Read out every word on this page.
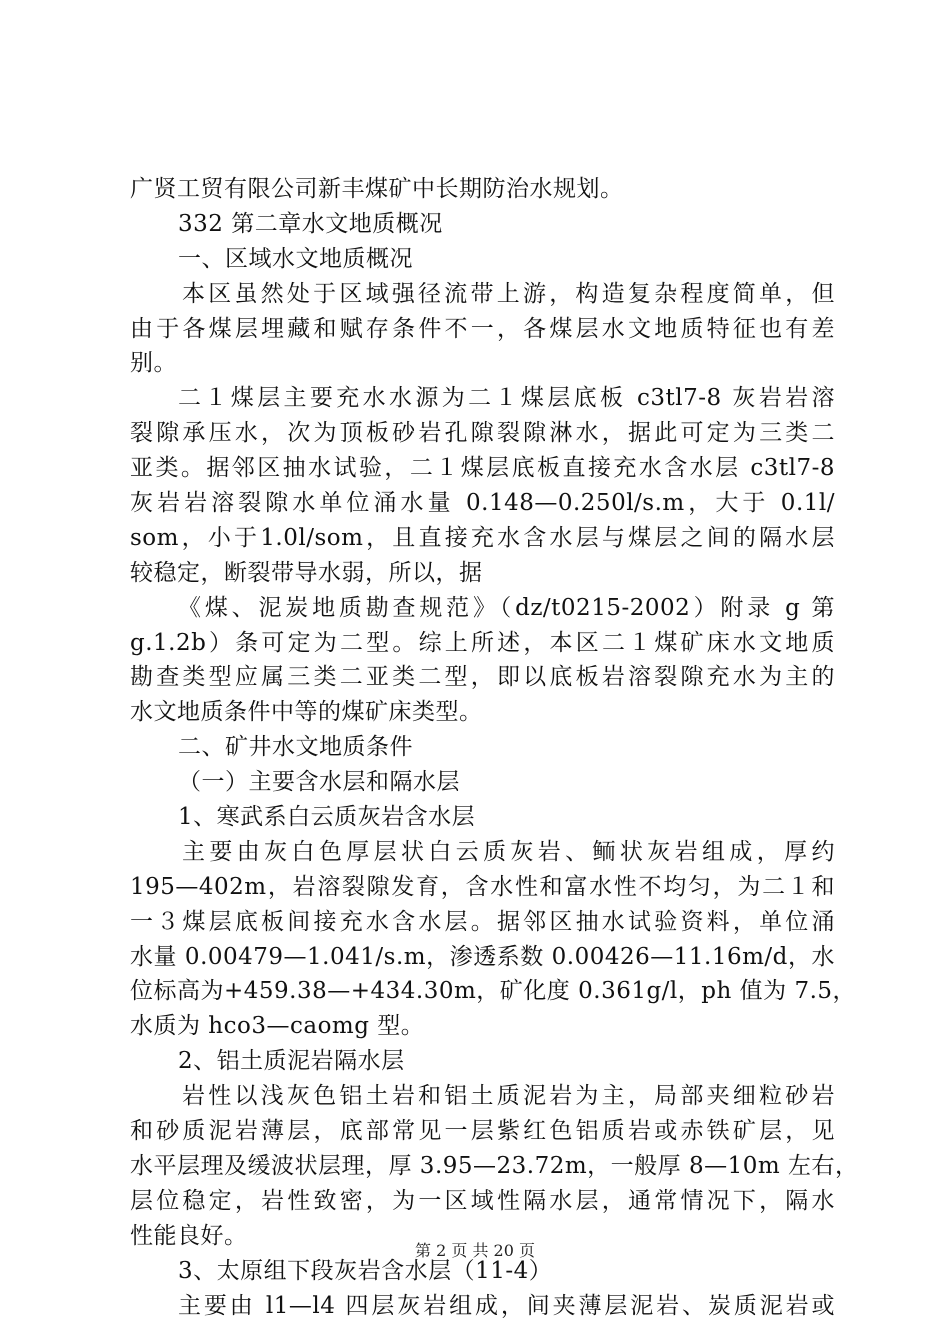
广贤工贸有限公司新丰煤矿中长期防治水规划。
332 第二章水文地质概况
一、区域水文地质概况
本区虽然处于区域强径流带上游，构造复杂程度简单，但
由于各煤层埋藏和赋存条件不一，各煤层水文地质特征也有差
别。
二１煤层主要充水水源为二１煤层底板 c3tl7-8 灰岩岩溶
裂隙承压水，次为顶板砂岩孔隙裂隙淋水，据此可定为三类二
亚类。据邻区抽水试验，二１煤层底板直接充水含水层 c3tl7-8
灰岩岩溶裂隙水单位涌水量 0.148—0.250l/s.m，大于 0.1l/
som，小于1.0l/som，且直接充水含水层与煤层之间的隔水层
较稳定，断裂带导水弱，所以，据
《煤、泥炭地质勘查规范》（dz/t0215-2002）附录 g 第
g.1.2b）条可定为二型。综上所述，本区二１煤矿床水文地质
勘查类型应属三类二亚类二型，即以底板岩溶裂隙充水为主的
水文地质条件中等的煤矿床类型。
二、矿井水文地质条件
（一）主要含水层和隔水层
1、寒武系白云质灰岩含水层
主要由灰白色厚层状白云质灰岩、鲕状灰岩组成，厚约
195—402m，岩溶裂隙发育，含水性和富水性不均匀，为二１和
一３煤层底板间接充水含水层。据邻区抽水试验资料，单位涌
水量 0.00479—1.041/s.m，渗透系数 0.00426—11.16m/d，水
位标高为+459.38—+434.30m，矿化度 0.361g/l，ph 值为 7.5，
水质为 hco3—caomg 型。
2、铝土质泥岩隔水层
岩性以浅灰色铝土岩和铝土质泥岩为主，局部夹细粒砂岩
和砂质泥岩薄层，底部常见一层紫红色铝质岩或赤铁矿层，见
水平层理及缓波状层理，厚 3.95—23.72m，一般厚 8—10m 左右，
层位稳定，岩性致密，为一区域性隔水层，通常情况下，隔水
性能良好。
3、太原组下段灰岩含水层（11-4）
主要由 l1—l4 四层灰岩组成，间夹薄层泥岩、炭质泥岩或
第 2 页 共 20 页
